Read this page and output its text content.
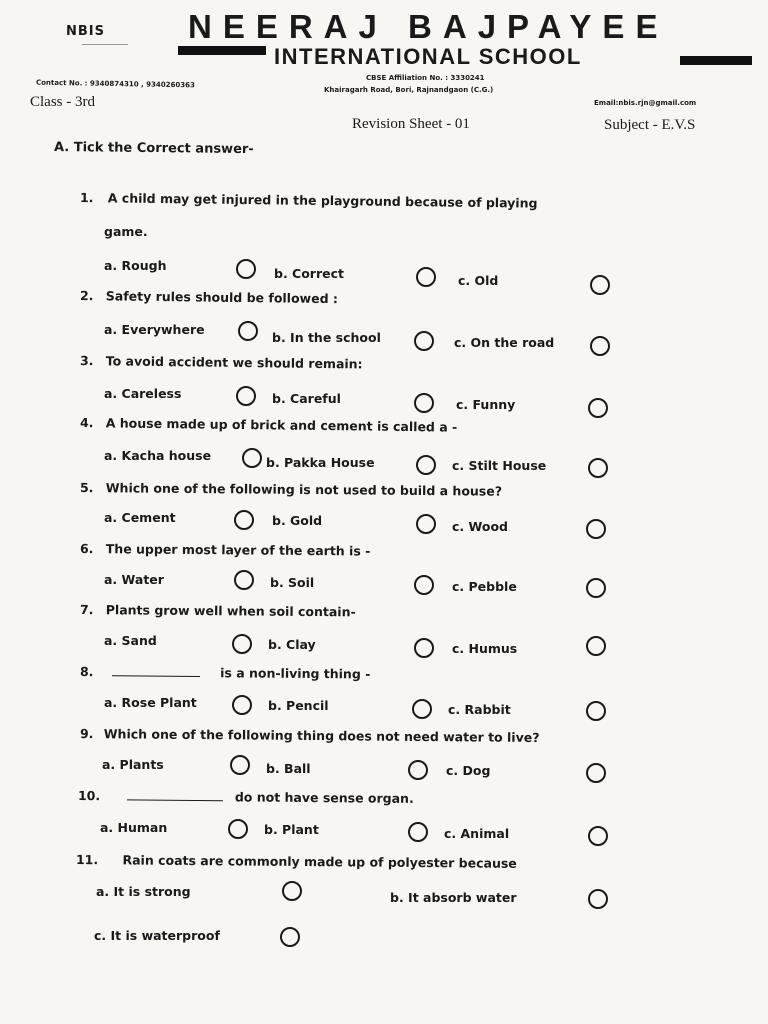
NBIS	NEERAJ BAJPAYEE
INTERNATIONAL SCHOOL
Contact No. : 9340874310 , 9340260363
CBSE Affiliation No. : 3330241
Khairagarh Road, Bori, Rajnandgaon (C.G.)
Email:nbis.rjn@gmail.com
Class - 3rd
Revision Sheet - 01	Subject - E.V.S
A. Tick the Correct answer-
1. A child may get injured in the playground because of playing
game.
a. Rough
b. Correct	c. Old
2. Safety rules should be followed :
a. Everywhere
b. In the school	c. On the road
3. To avoid accident we should remain:
a. Careless	b. Careful	c. Funny
4. A house made up of brick and cement is called a -
a. Kacha house	b. Pakka House	c. Stilt House
5. Which one of the following is not used to build a house?
a. Cement	b. Gold	c. Wood
6. The upper most layer of the earth is -
a. Water	b. Soil	c. Pebble
7. Plants grow well when soil contain-
a. Sand	b. Clay	c. Humus
8.	is a non-living thing -
a. Rose Plant	b. Pencil	c. Rabbit
9. Which one of the following thing does not need water to live?
a. Plants	b. Ball	c. Dog
10.	do not have sense organ.
a. Human	b. Plant	c. Animal
11. Rain coats are commonly made up of polyester because
a. It is strong	b. It absorb water
c. It is waterproof
